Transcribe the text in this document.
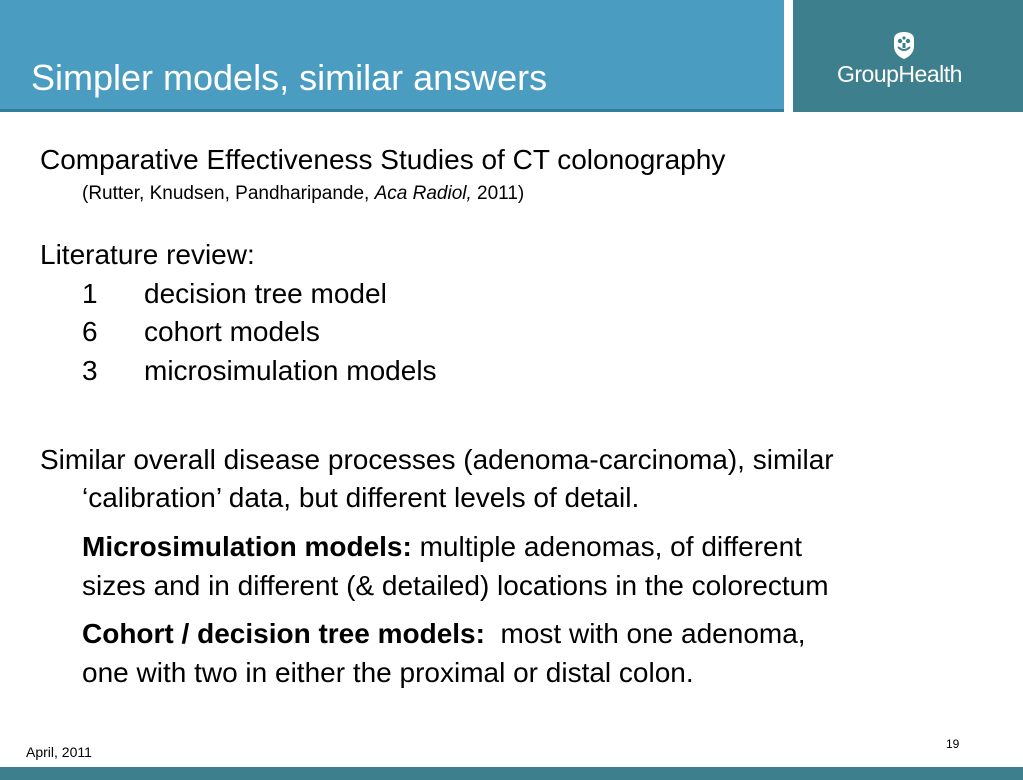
Simpler models, similar answers	GroupHealth
Comparative Effectiveness Studies of CT colonography
(Rutter, Knudsen, Pandharipande, Aca Radiol, 2011)
Literature review:
1 decision tree model
6 cohort models
3 microsimulation models
Similar overall disease processes (adenoma-carcinoma), similar
‘calibration’ data, but different levels of detail.
Microsimulation models: multiple adenomas, of different
sizes and in different (& detailed) locations in the colorectum
Cohort / decision tree models:  most with one adenoma,
one with two in either the proximal or distal colon.
April, 2011	19
